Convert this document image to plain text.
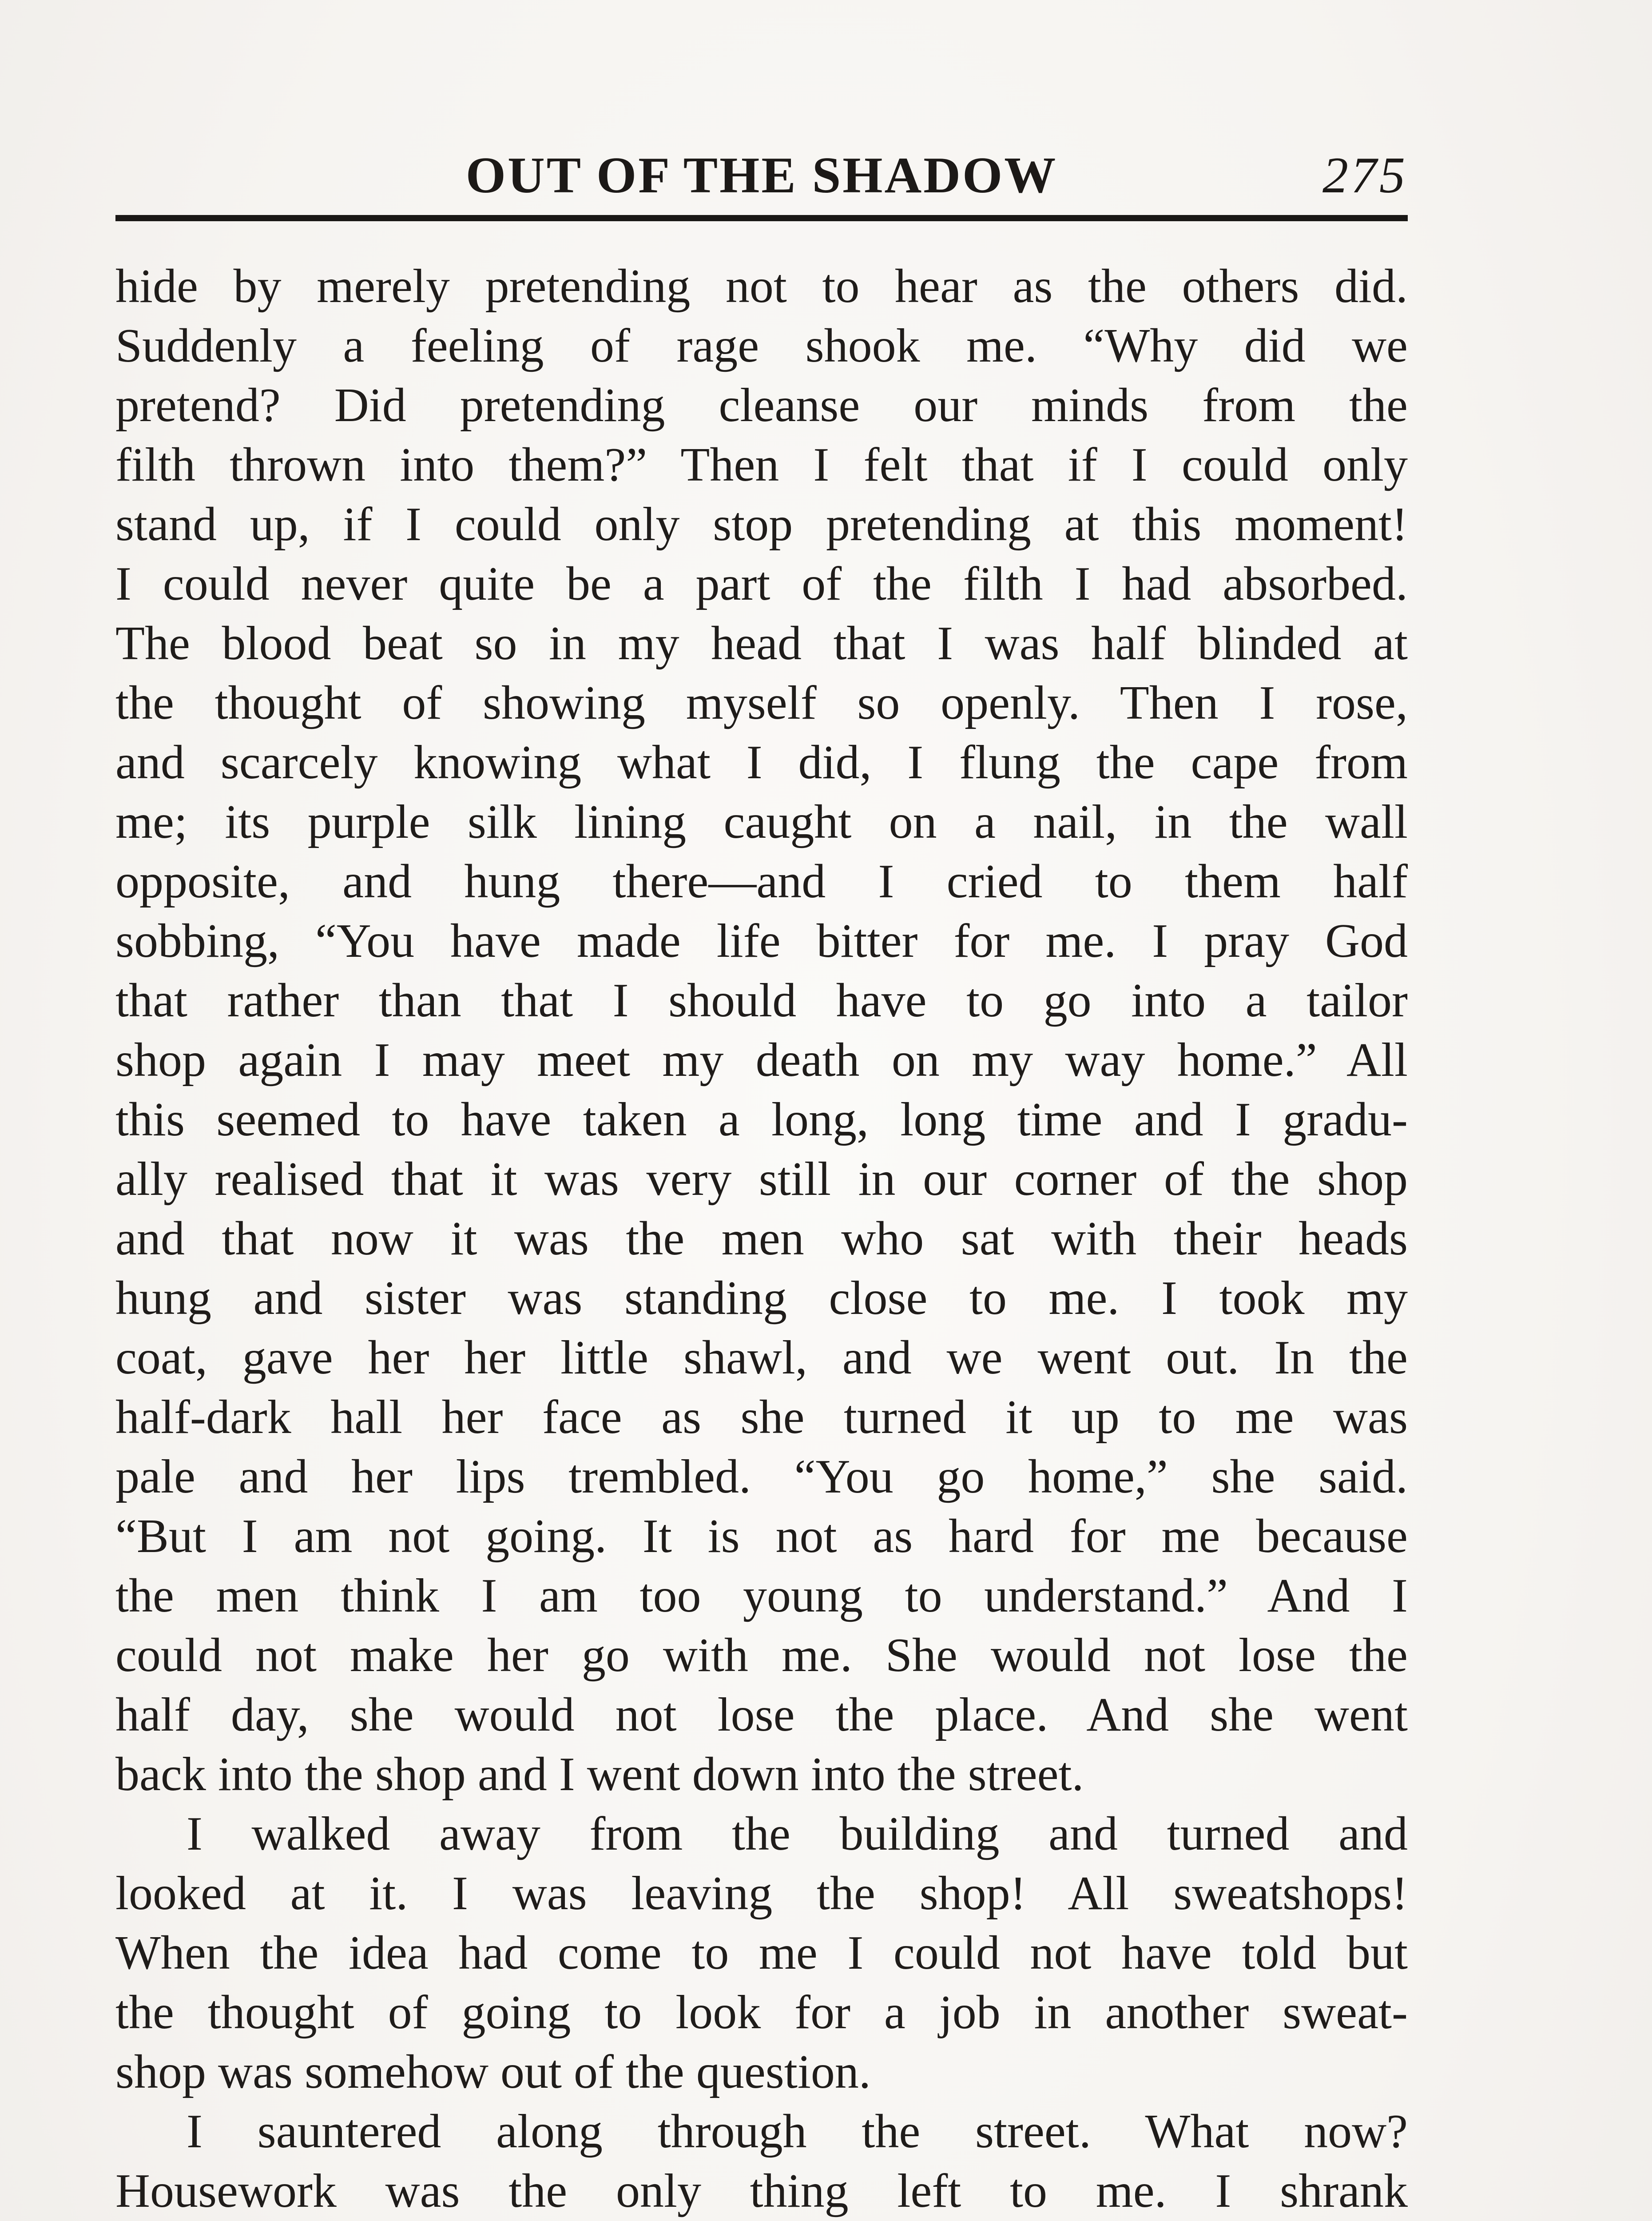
OUT OF THE SHADOW	275
hide by merely pretending not to hear as the others did.
Suddenly a feeling of rage shook me. “Why did we
pretend? Did pretending cleanse our minds from the
filth thrown into them?” Then I felt that if I could only
stand up, if I could only stop pretending at this moment!
I could never quite be a part of the filth I had absorbed.
The blood beat so in my head that I was half blinded at
the thought of showing myself so openly. Then I rose,
and scarcely knowing what I did, I flung the cape from
me; its purple silk lining caught on a nail, in the wall
opposite, and hung there—and I cried to them half
sobbing, “You have made life bitter for me. I pray God
that rather than that I should have to go into a tailor
shop again I may meet my death on my way home.” All
this seemed to have taken a long, long time and I gradu-
ally realised that it was very still in our corner of the shop
and that now it was the men who sat with their heads
hung and sister was standing close to me. I took my
coat, gave her her little shawl, and we went out. In the
half-dark hall her face as she turned it up to me was
pale and her lips trembled. “You go home,” she said.
“But I am not going. It is not as hard for me because
the men think I am too young to understand.” And I
could not make her go with me. She would not lose the
half day, she would not lose the place. And she went
back into the shop and I went down into the street.
I walked away from the building and turned and
looked at it. I was leaving the shop! All sweatshops!
When the idea had come to me I could not have told but
the thought of going to look for a job in another sweat-
shop was somehow out of the question.
I sauntered along through the street. What now?
Housework was the only thing left to me. I shrank
